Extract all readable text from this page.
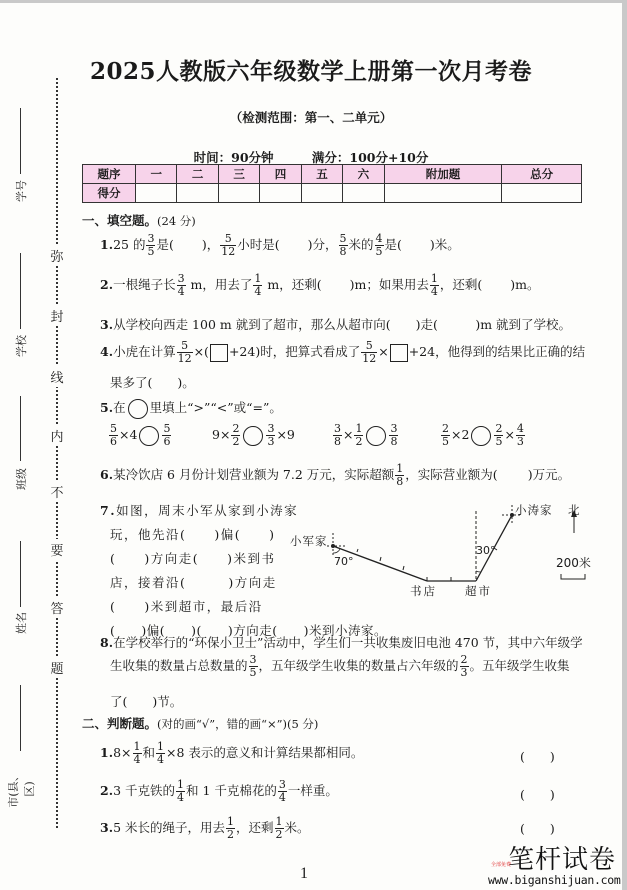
弥
封
线
内
不
要
答
题
学号
学校
班级
姓名
市(县、区)
2025人教版六年级数学上册第一次月考卷
（检测范围：第一、二单元）
时间：90分钟	满分：100分+10分
题序	一	二	三	四	五	六	附加题	总分
得分								
一、填空题。(24 分)
1.25 的 $\frac{3}{5}$ 是( )， $\frac{5}{12}$ 小时是( )分， $\frac{5}{8}$ 米的 $\frac{4}{5}$ 是( )米。
2.一根绳子长 $\frac{3}{4}$ m，用去了 $\frac{1}{4}$ m，还剩( )m；如果用去 $\frac{1}{4}$ ，还剩( )m。
3.从学校向西走 100 m 就到了超市，那么从超市向(　　)走(　　　)m 就到了学校。
4.小虎在计算 $\frac{5}{12}$ ×( +24)时，把算式看成了 $\frac{5}{12} \times +24$，他得到的结果比正确的结
果多了(　　)。
5.在 里填上“>”“<”或“=”。
$\frac{5}{6} \times 4 \frac{5}{6}$	$9\times \frac{2}{2} \frac{3}{3} \times 9$	$\frac{3}{8} \times \frac{1}{2} \frac{3}{8}$	$\frac{2}{5} \times 2 \frac{2}{5} \times \frac{4}{3}$
6.某冷饮店 6 月份计划营业额为 7.2 万元，实际超额 $\frac{1}{8}$ ，实际营业额为( )万元。
7.如图，周末小军从家到小涛家
玩，他先沿(　　)偏(　　)
(　　)方向走(　　)米到书
店，接着沿(　　　)方向走
(　　)米到超市，最后沿
(　　)偏(　　)(　　)方向走(　　)米到小涛家。
小军家
70°
30°
书店 超市
小涛家 北
200米
8.在学校举行的“环保小卫士”活动中，学生们一共收集废旧电池 470 节，其中六年级学
生收集的数量占总数量的 $\frac{3}{5}$ ，五年级学生收集的数量占六年级的 $\frac{2}{3}$ 。五年级学生收集
了(　　)节。
二、判断题。(对的画“√”，错的画“×”)(5 分)
$1.8\times \frac{1}{4}$ 和 $\frac{1}{4} \times 8$ 表示的意义和计算结果都相同。	(　　)
2.3 千克铁的 $\frac{1}{4}$ 和 1 千克棉花的 $\frac{3}{4}$ 一样重。	(　　)
3.5 米长的绳子，用去 $\frac{1}{2}$ ，还剩 $\frac{1}{2}$ 米。	(　　)
1	笔杆试卷
全部免费
www.biganshijuan.com
